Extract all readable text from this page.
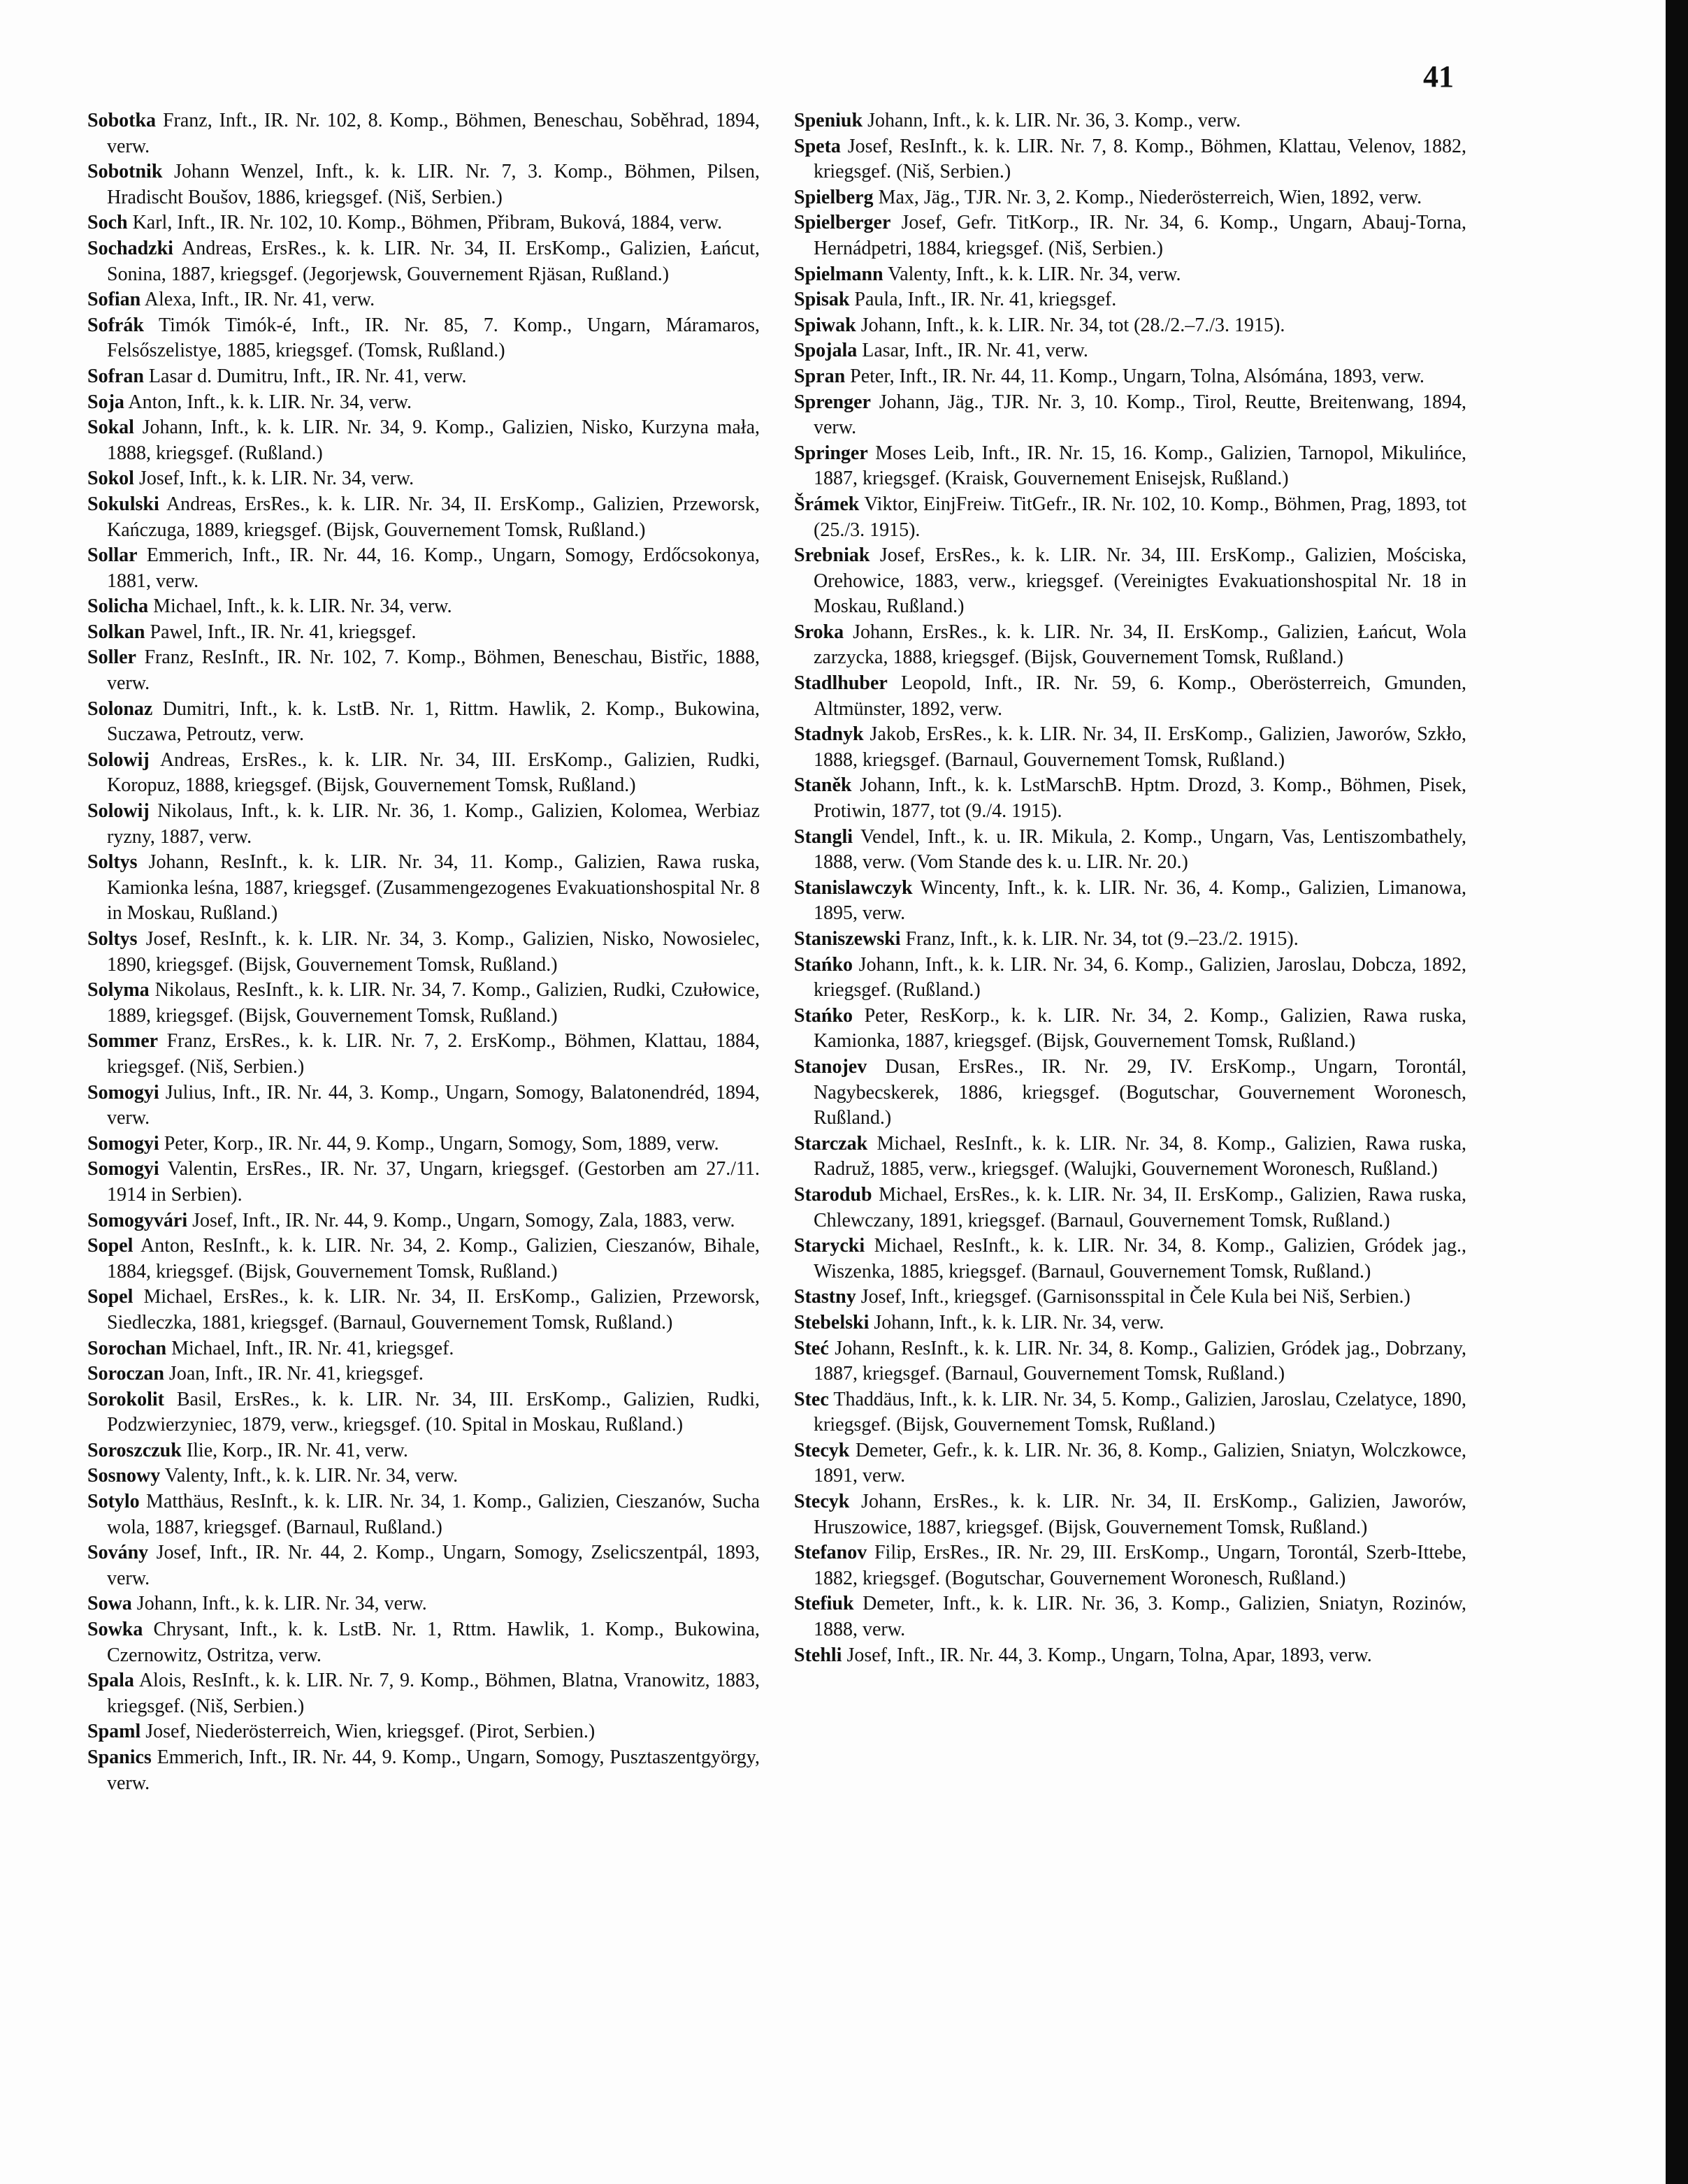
41

Sobotka Franz, Inft., IR. Nr. 102, 8. Komp., Böhmen, Beneschau, Soběhrad, 1894, verw.

Sobotnik Johann Wenzel, Inft., k. k. LIR. Nr. 7, 3. Komp., Böhmen, Pilsen, Hradischt Boušov, 1886, kriegsgef. (Niš, Serbien.)

Soch Karl, Inft., IR. Nr. 102, 10. Komp., Böhmen, Přibram, Buková, 1884, verw.

Sochadzki Andreas, ErsRes., k. k. LIR. Nr. 34, II. ErsKomp., Galizien, Łańcut, Sonina, 1887, kriegsgef. (Jegorjewsk, Gouvernement Rjäsan, Rußland.)

Sofian Alexa, Inft., IR. Nr. 41, verw.

Sofrák Timók Timók-é, Inft., IR. Nr. 85, 7. Komp., Ungarn, Máramaros, Felsőszelistye, 1885, kriegsgef. (Tomsk, Rußland.)

Sofran Lasar d. Dumitru, Inft., IR. Nr. 41, verw.

Soja Anton, Inft., k. k. LIR. Nr. 34, verw.

Sokal Johann, Inft., k. k. LIR. Nr. 34, 9. Komp., Galizien, Nisko, Kurzyna mała, 1888, kriegsgef. (Rußland.)

Sokol Josef, Inft., k. k. LIR. Nr. 34, verw.

Sokulski Andreas, ErsRes., k. k. LIR. Nr. 34, II. ErsKomp., Galizien, Przeworsk, Kańczuga, 1889, kriegsgef. (Bijsk, Gouvernement Tomsk, Rußland.)

Sollar Emmerich, Inft., IR. Nr. 44, 16. Komp., Ungarn, Somogy, Erdőcsokonya, 1881, verw.

Solicha Michael, Inft., k. k. LIR. Nr. 34, verw.

Solkan Pawel, Inft., IR. Nr. 41, kriegsgef.

Soller Franz, ResInft., IR. Nr. 102, 7. Komp., Böhmen, Beneschau, Bistřic, 1888, verw.

Solonaz Dumitri, Inft., k. k. LstB. Nr. 1, Rittm. Hawlik, 2. Komp., Bukowina, Suczawa, Petroutz, verw.

Solowij Andreas, ErsRes., k. k. LIR. Nr. 34, III. ErsKomp., Galizien, Rudki, Koropuz, 1888, kriegsgef. (Bijsk, Gouvernement Tomsk, Rußland.)

Solowij Nikolaus, Inft., k. k. LIR. Nr. 36, 1. Komp., Galizien, Kolomea, Werbiaz ryzny, 1887, verw.

Soltys Johann, ResInft., k. k. LIR. Nr. 34, 11. Komp., Galizien, Rawa ruska, Kamionka leśna, 1887, kriegsgef. (Zusammengezogenes Evakuationshospital Nr. 8 in Moskau, Rußland.)

Soltys Josef, ResInft., k. k. LIR. Nr. 34, 3. Komp., Galizien, Nisko, Nowosielec, 1890, kriegsgef. (Bijsk, Gouvernement Tomsk, Rußland.)

Solyma Nikolaus, ResInft., k. k. LIR. Nr. 34, 7. Komp., Galizien, Rudki, Czułowice, 1889, kriegsgef. (Bijsk, Gouvernement Tomsk, Rußland.)

Sommer Franz, ErsRes., k. k. LIR. Nr. 7, 2. ErsKomp., Böhmen, Klattau, 1884, kriegsgef. (Niš, Serbien.)

Somogyi Julius, Inft., IR. Nr. 44, 3. Komp., Ungarn, Somogy, Balatonendréd, 1894, verw.

Somogyi Peter, Korp., IR. Nr. 44, 9. Komp., Ungarn, Somogy, Som, 1889, verw.

Somogyi Valentin, ErsRes., IR. Nr. 37, Ungarn, kriegsgef. (Gestorben am 27./11. 1914 in Serbien).

Somogyvári Josef, Inft., IR. Nr. 44, 9. Komp., Ungarn, Somogy, Zala, 1883, verw.

Sopel Anton, ResInft., k. k. LIR. Nr. 34, 2. Komp., Galizien, Cieszanów, Bihale, 1884, kriegsgef. (Bijsk, Gouvernement Tomsk, Rußland.)

Sopel Michael, ErsRes., k. k. LIR. Nr. 34, II. ErsKomp., Galizien, Przeworsk, Siedleczka, 1881, kriegsgef. (Barnaul, Gouvernement Tomsk, Rußland.)

Sorochan Michael, Inft., IR. Nr. 41, kriegsgef.

Soroczan Joan, Inft., IR. Nr. 41, kriegsgef.

Sorokolit Basil, ErsRes., k. k. LIR. Nr. 34, III. ErsKomp., Galizien, Rudki, Podzwierzyniec, 1879, verw., kriegsgef. (10. Spital in Moskau, Rußland.)

Soroszczuk Ilie, Korp., IR. Nr. 41, verw.

Sosnowy Valenty, Inft., k. k. LIR. Nr. 34, verw.

Sotylo Matthäus, ResInft., k. k. LIR. Nr. 34, 1. Komp., Galizien, Cieszanów, Sucha wola, 1887, kriegsgef. (Barnaul, Rußland.)

Sovány Josef, Inft., IR. Nr. 44, 2. Komp., Ungarn, Somogy, Zselicszentpál, 1893, verw.

Sowa Johann, Inft., k. k. LIR. Nr. 34, verw.

Sowka Chrysant, Inft., k. k. LstB. Nr. 1, Rttm. Hawlik, 1. Komp., Bukowina, Czernowitz, Ostritza, verw.

Spala Alois, ResInft., k. k. LIR. Nr. 7, 9. Komp., Böhmen, Blatna, Vranowitz, 1883, kriegsgef. (Niš, Serbien.)

Spaml Josef, Niederösterreich, Wien, kriegsgef. (Pirot, Serbien.)

Spanics Emmerich, Inft., IR. Nr. 44, 9. Komp., Ungarn, Somogy, Pusztaszentgyörgy, verw.

Speniuk Johann, Inft., k. k. LIR. Nr. 36, 3. Komp., verw.

Speta Josef, ResInft., k. k. LIR. Nr. 7, 8. Komp., Böhmen, Klattau, Velenov, 1882, kriegsgef. (Niš, Serbien.)

Spielberg Max, Jäg., TJR. Nr. 3, 2. Komp., Niederösterreich, Wien, 1892, verw.

Spielberger Josef, Gefr. TitKorp., IR. Nr. 34, 6. Komp., Ungarn, Abauj-Torna, Hernádpetri, 1884, kriegsgef. (Niš, Serbien.)

Spielmann Valenty, Inft., k. k. LIR. Nr. 34, verw.

Spisak Paula, Inft., IR. Nr. 41, kriegsgef.

Spiwak Johann, Inft., k. k. LIR. Nr. 34, tot (28./2.–7./3. 1915).

Spojala Lasar, Inft., IR. Nr. 41, verw.

Spran Peter, Inft., IR. Nr. 44, 11. Komp., Ungarn, Tolna, Alsómána, 1893, verw.

Sprenger Johann, Jäg., TJR. Nr. 3, 10. Komp., Tirol, Reutte, Breitenwang, 1894, verw.

Springer Moses Leib, Inft., IR. Nr. 15, 16. Komp., Galizien, Tarnopol, Mikulińce, 1887, kriegsgef. (Kraisk, Gouvernement Enisejsk, Rußland.)

Šrámek Viktor, EinjFreiw. TitGefr., IR. Nr. 102, 10. Komp., Böhmen, Prag, 1893, tot (25./3. 1915).

Srebniak Josef, ErsRes., k. k. LIR. Nr. 34, III. ErsKomp., Galizien, Mościska, Orehowice, 1883, verw., kriegsgef. (Vereinigtes Evakuationshospital Nr. 18 in Moskau, Rußland.)

Sroka Johann, ErsRes., k. k. LIR. Nr. 34, II. ErsKomp., Galizien, Łańcut, Wola zarzycka, 1888, kriegsgef. (Bijsk, Gouvernement Tomsk, Rußland.)

Stadlhuber Leopold, Inft., IR. Nr. 59, 6. Komp., Oberösterreich, Gmunden, Altmünster, 1892, verw.

Stadnyk Jakob, ErsRes., k. k. LIR. Nr. 34, II. ErsKomp., Galizien, Jaworów, Szkło, 1888, kriegsgef. (Barnaul, Gouvernement Tomsk, Rußland.)

Staněk Johann, Inft., k. k. LstMarschB. Hptm. Drozd, 3. Komp., Böhmen, Pisek, Protiwin, 1877, tot (9./4. 1915).

Stangli Vendel, Inft., k. u. IR. Mikula, 2. Komp., Ungarn, Vas, Lentiszombathely, 1888, verw. (Vom Stande des k. u. LIR. Nr. 20.)

Stanislawczyk Wincenty, Inft., k. k. LIR. Nr. 36, 4. Komp., Galizien, Limanowa, 1895, verw.

Staniszewski Franz, Inft., k. k. LIR. Nr. 34, tot (9.–23./2. 1915).

Stańko Johann, Inft., k. k. LIR. Nr. 34, 6. Komp., Galizien, Jaroslau, Dobcza, 1892, kriegsgef. (Rußland.)

Stańko Peter, ResKorp., k. k. LIR. Nr. 34, 2. Komp., Galizien, Rawa ruska, Kamionka, 1887, kriegsgef. (Bijsk, Gouvernement Tomsk, Rußland.)

Stanojev Dusan, ErsRes., IR. Nr. 29, IV. ErsKomp., Ungarn, Torontál, Nagybecskerek, 1886, kriegsgef. (Bogutschar, Gouvernement Woronesch, Rußland.)

Starczak Michael, ResInft., k. k. LIR. Nr. 34, 8. Komp., Galizien, Rawa ruska, Radruž, 1885, verw., kriegsgef. (Walujki, Gouvernement Woronesch, Rußland.)

Starodub Michael, ErsRes., k. k. LIR. Nr. 34, II. ErsKomp., Galizien, Rawa ruska, Chlewczany, 1891, kriegsgef. (Barnaul, Gouvernement Tomsk, Rußland.)

Starycki Michael, ResInft., k. k. LIR. Nr. 34, 8. Komp., Galizien, Gródek jag., Wiszenka, 1885, kriegsgef. (Barnaul, Gouvernement Tomsk, Rußland.)

Stastny Josef, Inft., kriegsgef. (Garnisonsspital in Čele Kula bei Niš, Serbien.)

Stebelski Johann, Inft., k. k. LIR. Nr. 34, verw.

Steć Johann, ResInft., k. k. LIR. Nr. 34, 8. Komp., Galizien, Gródek jag., Dobrzany, 1887, kriegsgef. (Barnaul, Gouvernement Tomsk, Rußland.)

Stec Thaddäus, Inft., k. k. LIR. Nr. 34, 5. Komp., Galizien, Jaroslau, Czelatyce, 1890, kriegsgef. (Bijsk, Gouvernement Tomsk, Rußland.)

Stecyk Demeter, Gefr., k. k. LIR. Nr. 36, 8. Komp., Galizien, Sniatyn, Wolczkowce, 1891, verw.

Stecyk Johann, ErsRes., k. k. LIR. Nr. 34, II. ErsKomp., Galizien, Jaworów, Hruszowice, 1887, kriegsgef. (Bijsk, Gouvernement Tomsk, Rußland.)

Stefanov Filip, ErsRes., IR. Nr. 29, III. ErsKomp., Ungarn, Torontál, Szerb-Ittebe, 1882, kriegsgef. (Bogutschar, Gouvernement Woronesch, Rußland.)

Stefiuk Demeter, Inft., k. k. LIR. Nr. 36, 3. Komp., Galizien, Sniatyn, Rozinów, 1888, verw.

Stehli Josef, Inft., IR. Nr. 44, 3. Komp., Ungarn, Tolna, Apar, 1893, verw.
